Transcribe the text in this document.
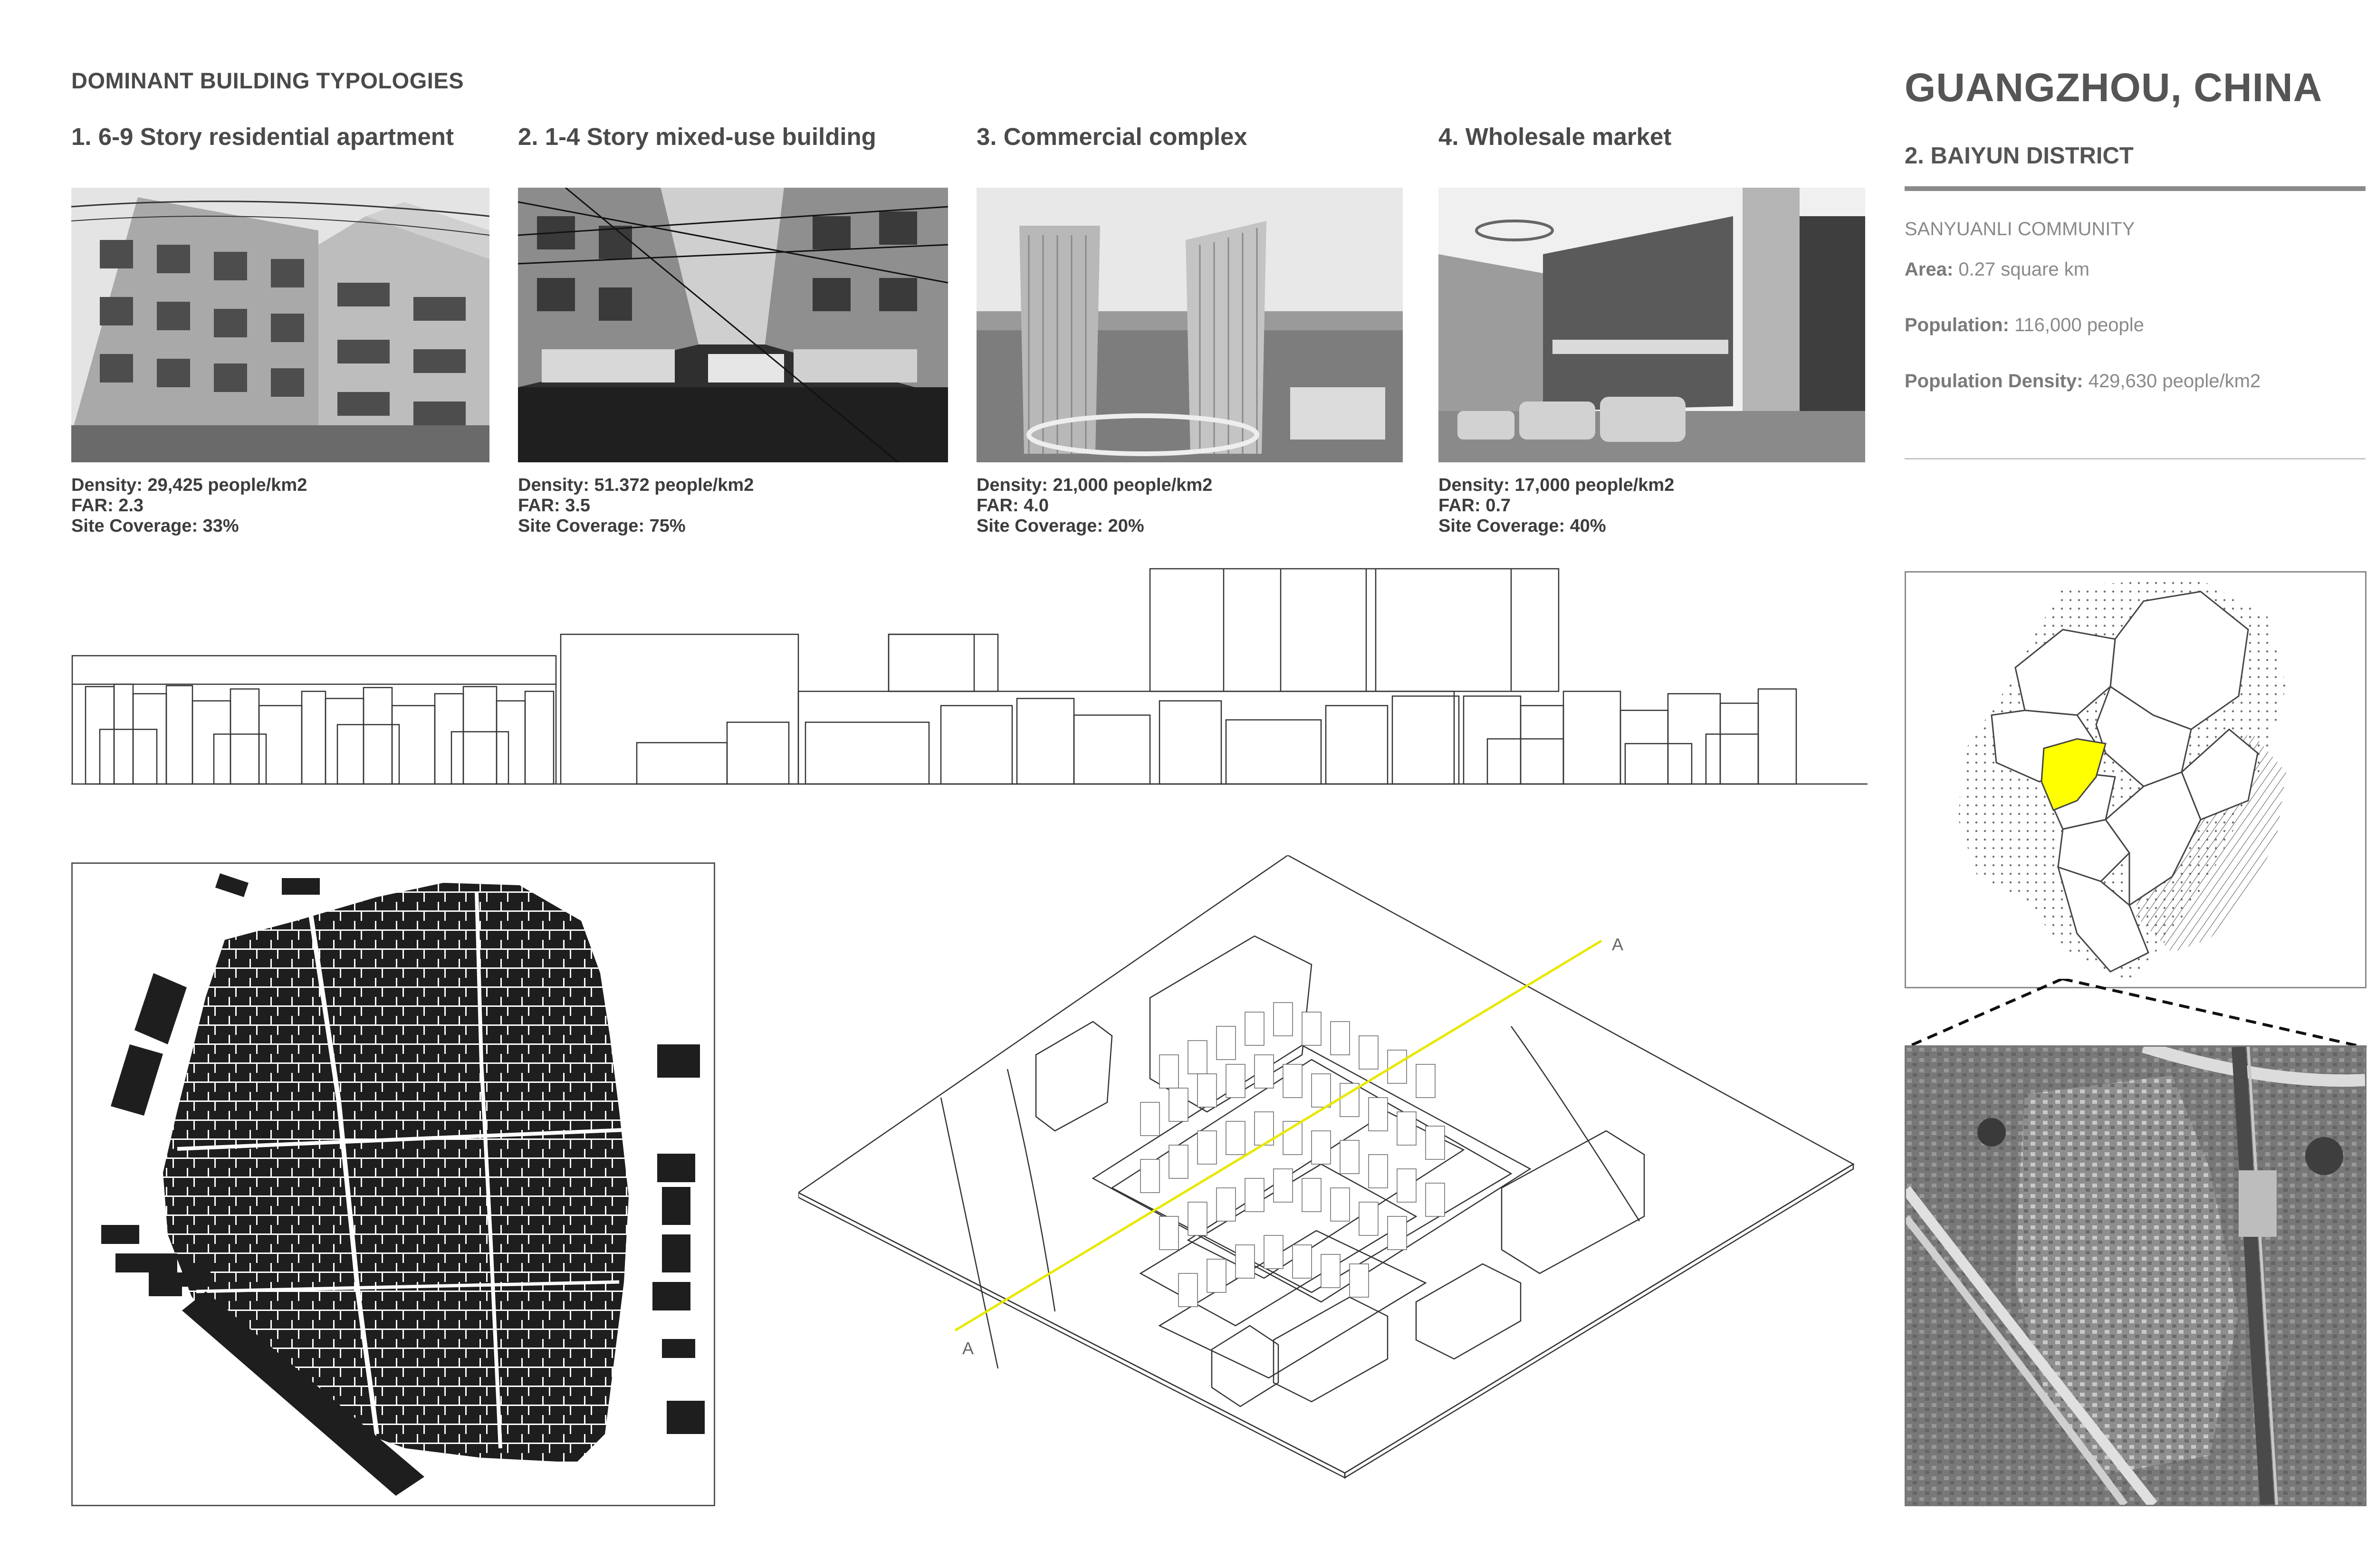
DOMINANT BUILDING TYPOLOGIES
1. 6-9 Story residential apartment	2. 1-4 Story mixed-use building	3. Commercial complex	4. Wholesale market
Density: 29,425 people/km2
FAR: 2.3
Site Coverage: 33%
Density: 51.372 people/km2
FAR: 3.5
Site Coverage: 75%
Density: 21,000 people/km2
FAR: 4.0
Site Coverage: 20%
Density: 17,000 people/km2
FAR: 0.7
Site Coverage: 40%
A
A
GUANGZHOU, CHINA
2. BAIYUN DISTRICT
SANYUANLI COMMUNITY
Area: 0.27 square km
Population: 116,000 people
Population Density: 429,630 people/km2
